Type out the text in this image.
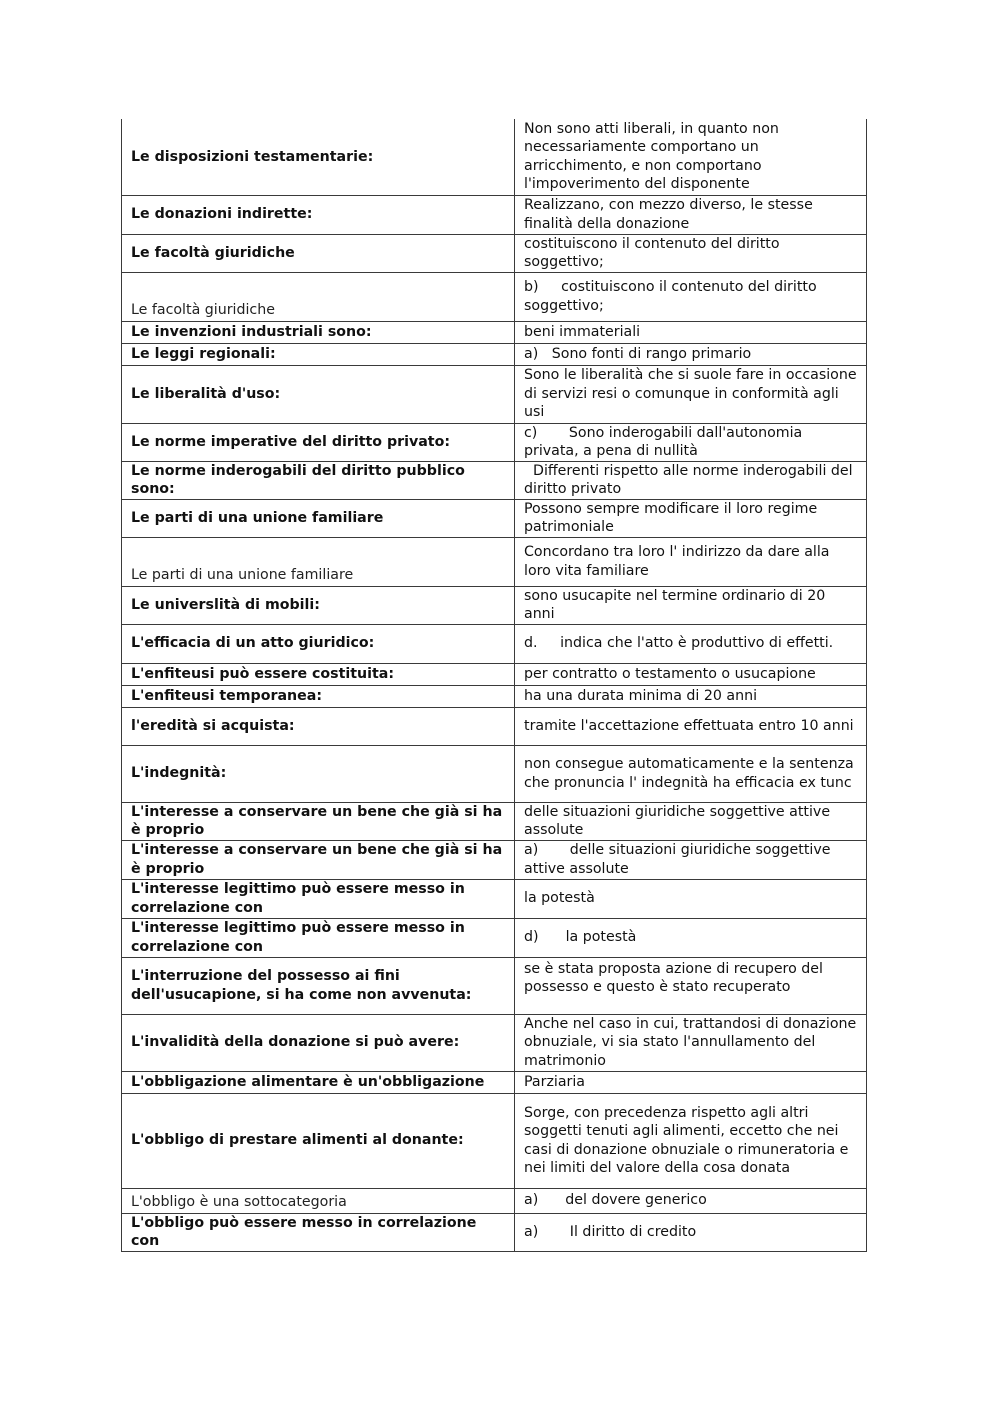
Le disposizioni testamentarie:	Non sono atti liberali, in quanto non necessariamente comportano un arricchimento, e non comportano l'impoverimento del disponente
Le donazioni indirette:	Realizzano, con mezzo diverso, le stesse finalità della donazione
Le facoltà giuridiche	costituiscono il contenuto del diritto soggettivo;
Le facoltà giuridiche	b)     costituiscono il contenuto del diritto soggettivo;
Le invenzioni industriali sono:	beni immateriali
Le leggi regionali:	a)   Sono fonti di rango primario
Le liberalità d'uso:	Sono le liberalità che si suole fare in occasione di servizi resi o comunque in conformità agli usi
Le norme imperative del diritto privato:	c)       Sono inderogabili dall'autonomia privata, a pena di nullità
Le norme inderogabili del diritto pubblico sono:	Differenti rispetto alle norme inderogabili del diritto privato
Le parti di una unione familiare	Possono sempre modificare il loro regime patrimoniale
Le parti di una unione familiare	Concordano tra loro l' indirizzo da dare alla loro vita familiare
Le universlità di mobili:	sono usucapite nel termine ordinario di 20 anni
L'efficacia di un atto giuridico:	d.     indica che l'atto è produttivo di effetti.
L'enfiteusi può essere costituita:	per contratto o testamento o usucapione
L'enfiteusi temporanea:	ha una durata minima di 20 anni
l'eredità si acquista:	tramite l'accettazione effettuata entro 10 anni
L'indegnità:	non consegue automaticamente e la sentenza che pronuncia l' indegnità ha efficacia ex tunc
L'interesse a conservare un bene che già si ha è proprio	delle situazioni giuridiche soggettive attive assolute
L'interesse a conservare un bene che già si ha è proprio	a)       delle situazioni giuridiche soggettive attive assolute
L'interesse legittimo può essere messo in correlazione con	la potestà
L'interesse legittimo può essere messo in correlazione con	d)      la potestà
L'interruzione del possesso ai fini dell'usucapione, si ha come non avvenuta:	se è stata proposta azione di recupero del possesso e questo è stato recuperato
L'invalidità della donazione si può avere:	Anche nel caso in cui, trattandosi di donazione obnuziale, vi sia stato l'annullamento del matrimonio
L'obbligazione alimentare è un'obbligazione	Parziaria
L'obbligo di prestare alimenti al donante:	Sorge, con precedenza rispetto agli altri soggetti tenuti agli alimenti, eccetto che nei casi di donazione obnuziale o rimuneratoria e nei limiti del valore della cosa donata
L'obbligo è una sottocategoria	a)      del dovere generico
L'obbligo può essere messo in correlazione con	a)       Il diritto di credito
